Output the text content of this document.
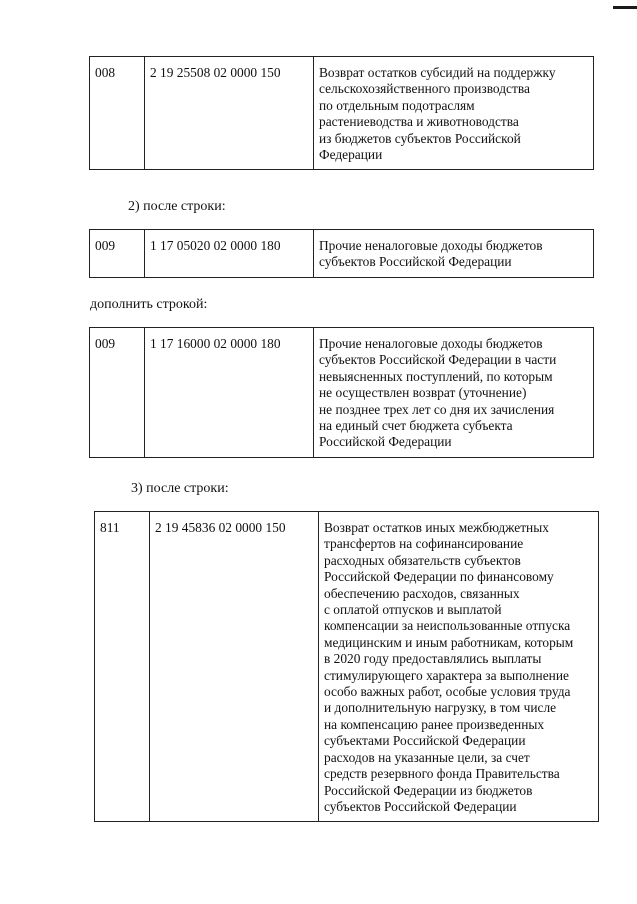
008	2 19 25508 02 0000 150	Возврат остатков субсидий на поддержку
сельскохозяйственного производства
по отдельным подотраслям
растениеводства и животноводства
из бюджетов субъектов Российской
Федерации
2) после строки:
009	1 17 05020 02 0000 180	Прочие неналоговые доходы бюджетов
субъектов Российской Федерации
дополнить строкой:
009	1 17 16000 02 0000 180	Прочие неналоговые доходы бюджетов
субъектов Российской Федерации в части
невыясненных поступлений, по которым
не осуществлен возврат (уточнение)
не позднее трех лет со дня их зачисления
на единый счет бюджета субъекта
Российской Федерации
3) после строки:
811	2 19 45836 02 0000 150	Возврат остатков иных межбюджетных
трансфертов на софинансирование
расходных обязательств субъектов
Российской Федерации по финансовому
обеспечению расходов, связанных
с оплатой отпусков и выплатой
компенсации за неиспользованные отпуска
медицинским и иным работникам, которым
в 2020 году предоставлялись выплаты
стимулирующего характера за выполнение
особо важных работ, особые условия труда
и дополнительную нагрузку, в том числе
на компенсацию ранее произведенных
субъектами Российской Федерации
расходов на указанные цели, за счет
средств резервного фонда Правительства
Российской Федерации из бюджетов
субъектов Российской Федерации
